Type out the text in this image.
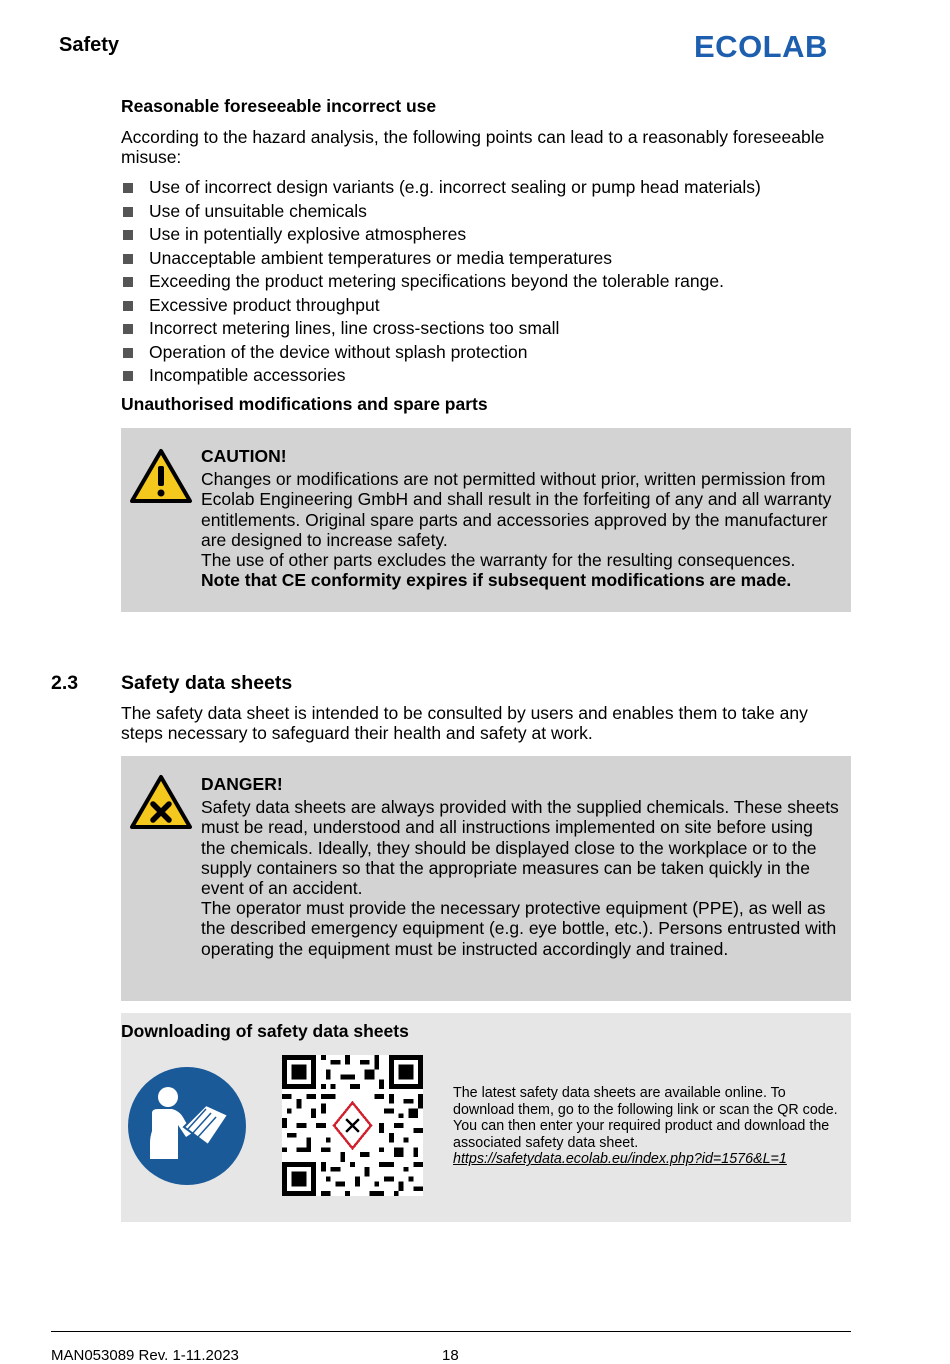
Safety	ECOLAB
Reasonable foreseeable incorrect use
According to the hazard analysis, the following points can lead to a reasonably foreseeable misuse:
Use of incorrect design variants (e.g. incorrect sealing or pump head materials)
Use of unsuitable chemicals
Use in potentially explosive atmospheres
Unacceptable ambient temperatures or media temperatures
Exceeding the product metering specifications beyond the tolerable range.
Excessive product throughput
Incorrect metering lines, line cross-sections too small
Operation of the device without splash protection
Incompatible accessories
Unauthorised modifications and spare parts
CAUTION!
Changes or modifications are not permitted without prior, written permission from Ecolab Engineering GmbH and shall result in the forfeiting of any and all warranty entitlements. Original spare parts and accessories approved by the manufacturer are designed to increase safety.
The use of other parts excludes the warranty for the resulting consequences.
Note that CE conformity expires if subsequent modifications are made.
2.3 Safety data sheets
The safety data sheet is intended to be consulted by users and enables them to take any steps necessary to safeguard their health and safety at work.
DANGER!
Safety data sheets are always provided with the supplied chemicals. These sheets must be read, understood and all instructions implemented on site before using the chemicals. Ideally, they should be displayed close to the workplace or to the supply containers so that the appropriate measures can be taken quickly in the event of an accident.
The operator must provide the necessary protective equipment (PPE), as well as the described emergency equipment (e.g. eye bottle, etc.). Persons entrusted with operating the equipment must be instructed accordingly and trained.
Downloading of safety data sheets
The latest safety data sheets are available online. To download them, go to the following link or scan the QR code. You can then enter your required product and download the associated safety data sheet.
https://safetydata.ecolab.eu/index.php?id=1576&L=1
MAN053089 Rev. 1-11.2023	18
